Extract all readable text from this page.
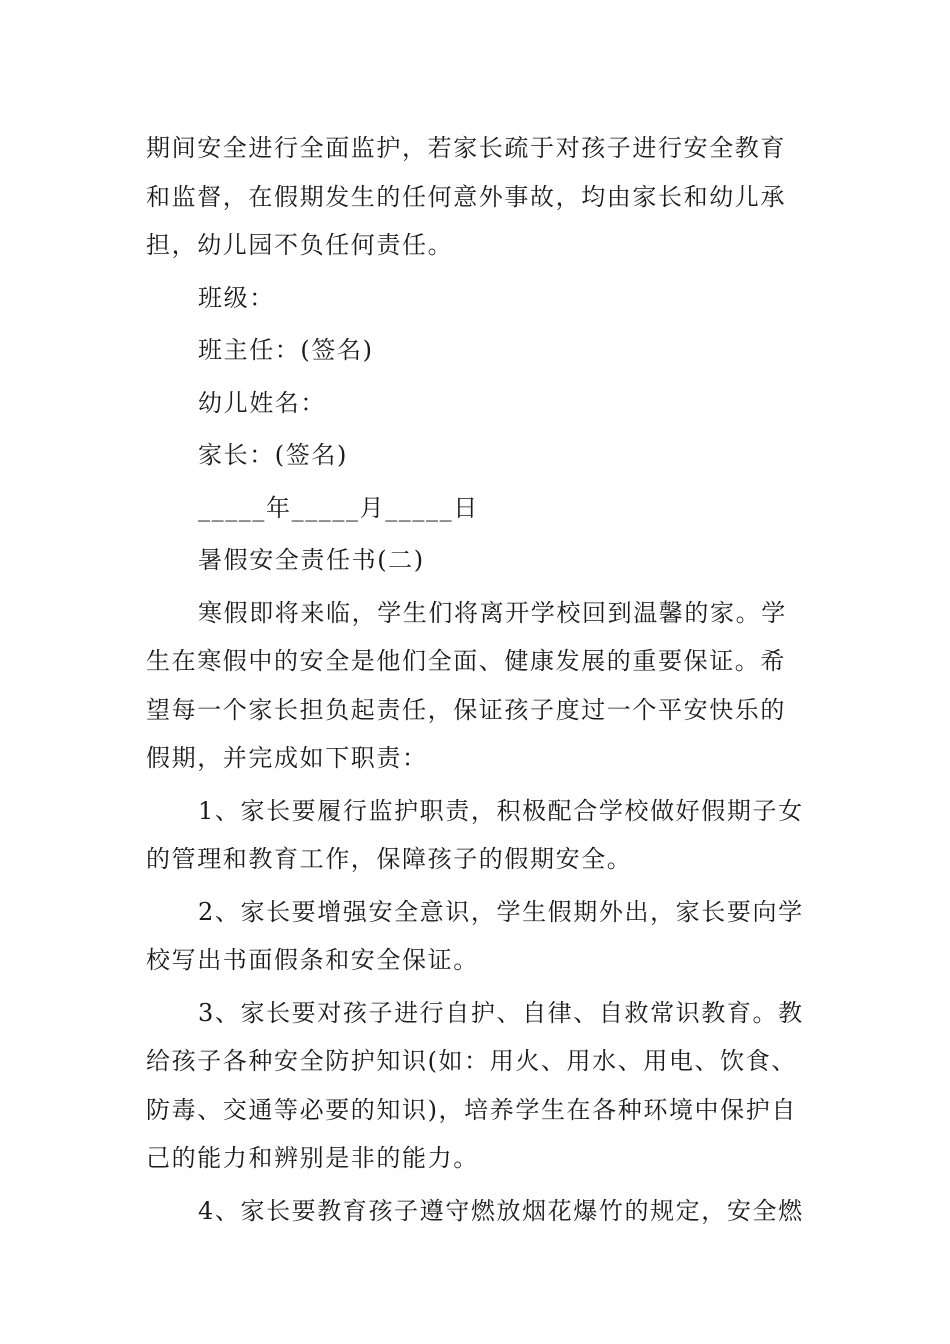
期间安全进行全面监护，若家长疏于对孩子进行安全教育
和监督，在假期发生的任何意外事故，均由家长和幼儿承
担，幼儿园不负任何责任。
班级：
班主任：(签名)
幼儿姓名：
家长：(签名)
_____年_____月_____日
暑假安全责任书(二)
寒假即将来临，学生们将离开学校回到温馨的家。学
生在寒假中的安全是他们全面、健康发展的重要保证。希
望每一个家长担负起责任，保证孩子度过一个平安快乐的
假期，并完成如下职责：
1、家长要履行监护职责，积极配合学校做好假期子女
的管理和教育工作，保障孩子的假期安全。
2、家长要增强安全意识，学生假期外出，家长要向学
校写出书面假条和安全保证。
3、家长要对孩子进行自护、自律、自救常识教育。教
给孩子各种安全防护知识(如：用火、用水、用电、饮食、
防毒、交通等必要的知识)，培养学生在各种环境中保护自
己的能力和辨别是非的能力。
4、家长要教育孩子遵守燃放烟花爆竹的规定，安全燃
